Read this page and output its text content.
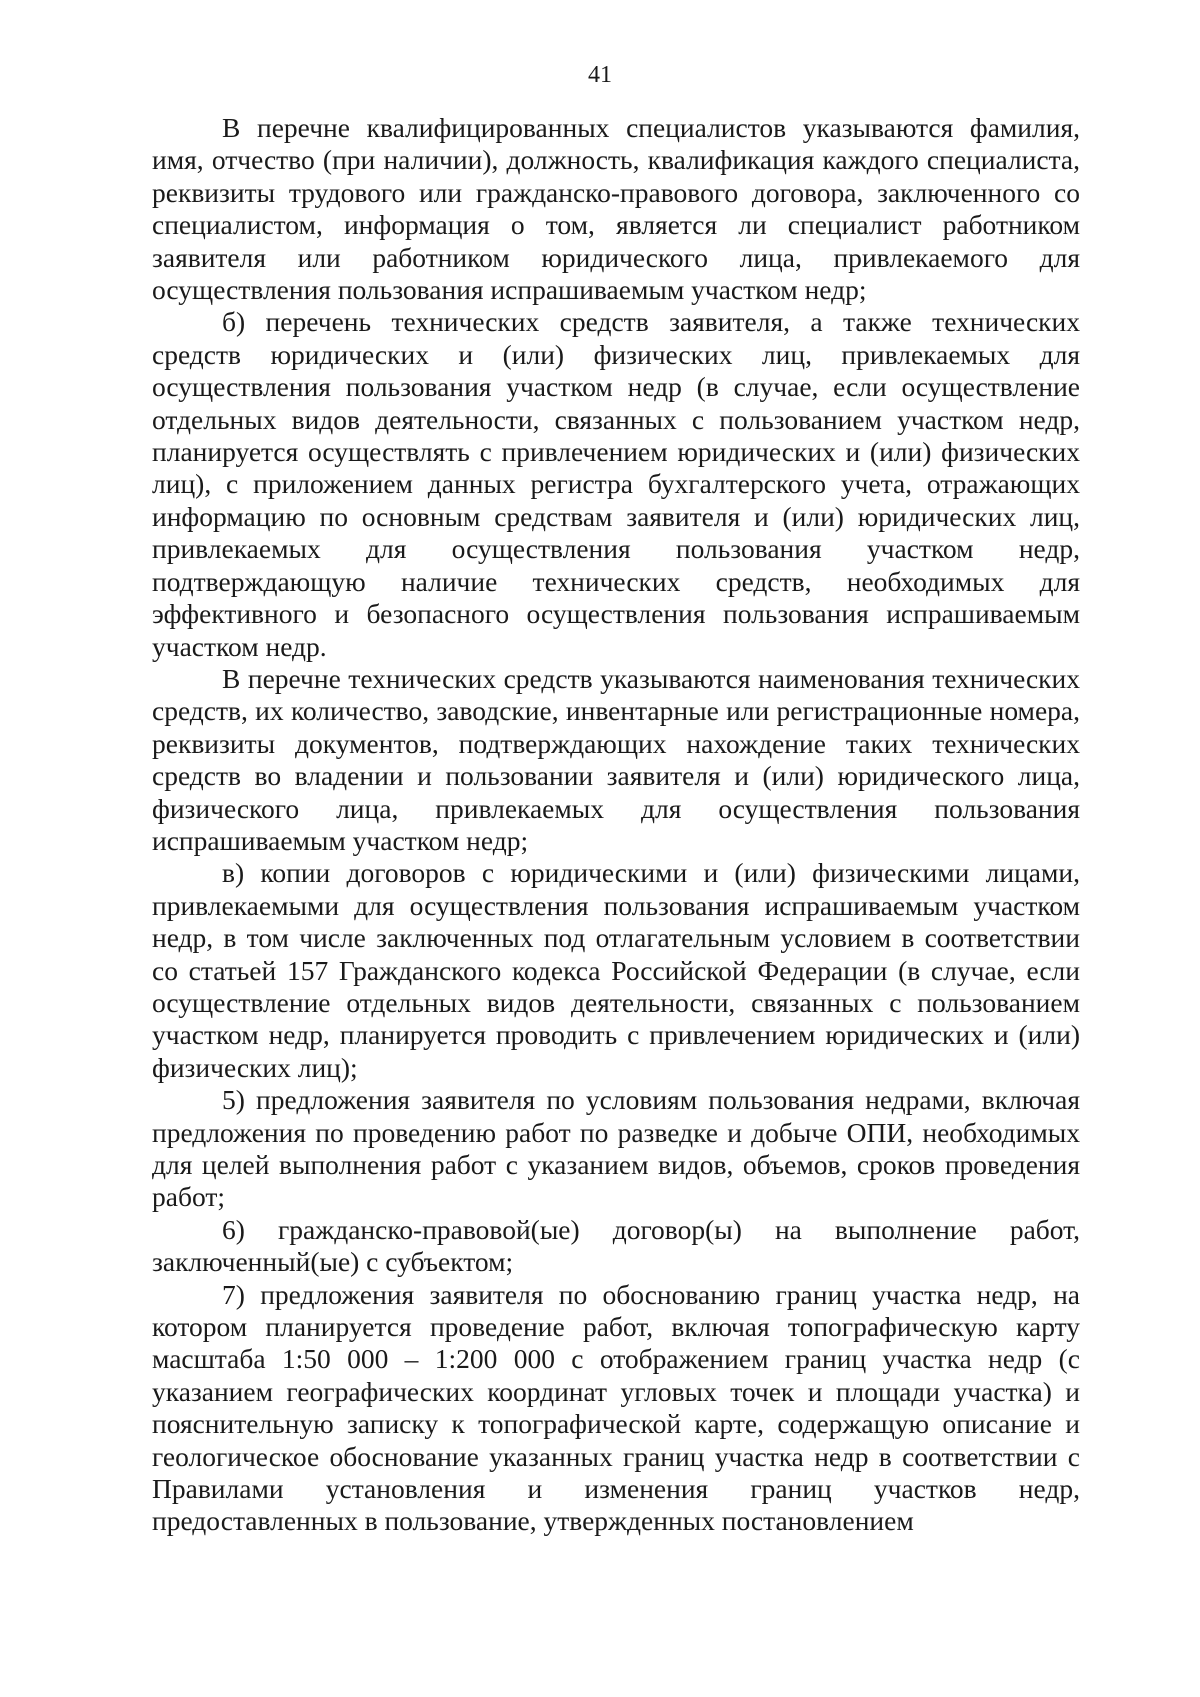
41

В перечне квалифицированных специалистов указываются фамилия, имя, отчество (при наличии), должность, квалификация каждого специалиста, реквизиты трудового или гражданско-правового договора, заключенного со специалистом, информация о том, является ли специалист работником заявителя или работником юридического лица, привлекаемого для осуществления пользования испрашиваемым участком недр;

б) перечень технических средств заявителя, а также технических средств юридических и (или) физических лиц, привлекаемых для осуществления пользования участком недр (в случае, если осуществление отдельных видов деятельности, связанных с пользованием участком недр, планируется осуществлять с привлечением юридических и (или) физических лиц), с приложением данных регистра бухгалтерского учета, отражающих информацию по основным средствам заявителя и (или) юридических лиц, привлекаемых для осуществления пользования участком недр, подтверждающую наличие технических средств, необходимых для эффективного и безопасного осуществления пользования испрашиваемым участком недр.

В перечне технических средств указываются наименования технических средств, их количество, заводские, инвентарные или регистрационные номера, реквизиты документов, подтверждающих нахождение таких технических средств во владении и пользовании заявителя и (или) юридического лица, физического лица, привлекаемых для осуществления пользования испрашиваемым участком недр;

в) копии договоров с юридическими и (или) физическими лицами, привлекаемыми для осуществления пользования испрашиваемым участком недр, в том числе заключенных под отлагательным условием в соответствии со статьей 157 Гражданского кодекса Российской Федерации (в случае, если осуществление отдельных видов деятельности, связанных с пользованием участком недр, планируется проводить с привлечением юридических и (или) физических лиц);

5) предложения заявителя по условиям пользования недрами, включая предложения по проведению работ по разведке и добыче ОПИ, необходимых для целей выполнения работ с указанием видов, объемов, сроков проведения работ;

6) гражданско-правовой(ые) договор(ы) на выполнение работ, заключенный(ые) с субъектом;

7) предложения заявителя по обоснованию границ участка недр, на котором планируется проведение работ, включая топографическую карту масштаба 1:50 000 – 1:200 000 с отображением границ участка недр (с указанием географических координат угловых точек и площади участка) и пояснительную записку к топографической карте, содержащую описание и геологическое обоснование указанных границ участка недр в соответствии с Правилами установления и изменения границ участков недр, предоставленных в пользование, утвержденных постановлением
